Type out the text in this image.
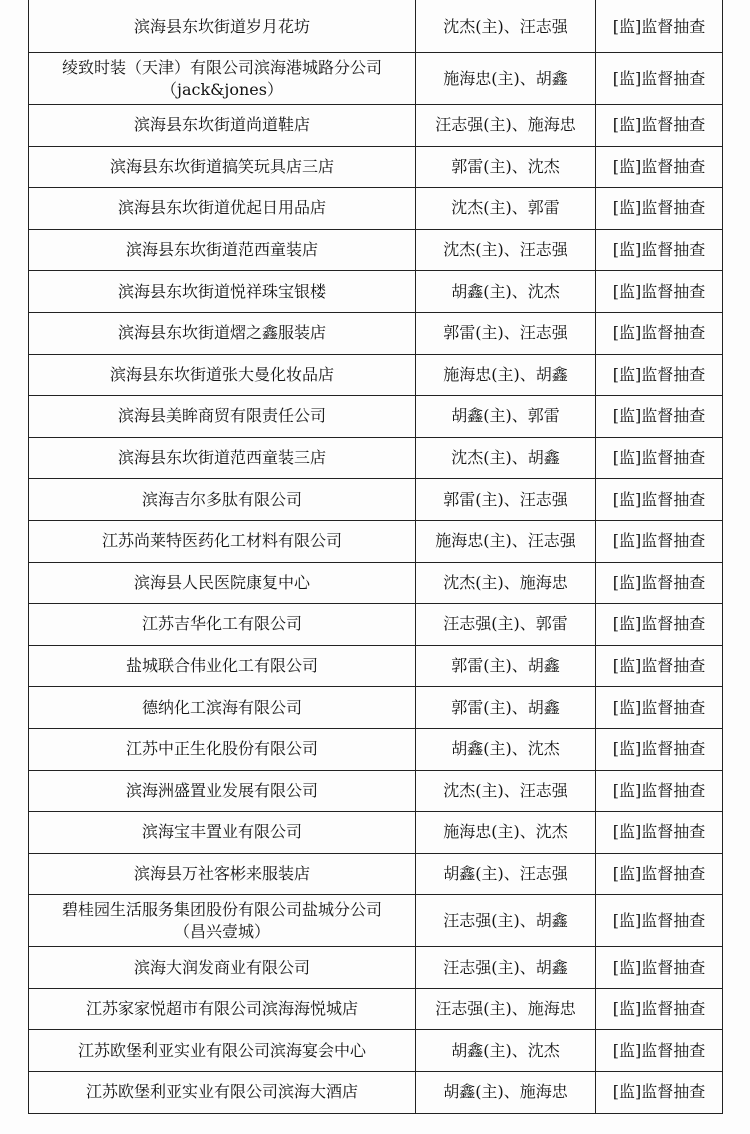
滨海县东坎街道岁月花坊	沈杰(主)、汪志强	[监]监督抽查

绫致时装（天津）有限公司滨海港城路分公司
（jack&jones）	施海忠(主)、胡鑫	[监]监督抽查

滨海县东坎街道尚道鞋店	汪志强(主)、施海忠	[监]监督抽查

滨海县东坎街道搞笑玩具店三店	郭雷(主)、沈杰	[监]监督抽查

滨海县东坎街道优起日用品店	沈杰(主)、郭雷	[监]监督抽查

滨海县东坎街道范西童装店	沈杰(主)、汪志强	[监]监督抽查

滨海县东坎街道悦祥珠宝银楼	胡鑫(主)、沈杰	[监]监督抽查

滨海县东坎街道熠之鑫服装店	郭雷(主)、汪志强	[监]监督抽查

滨海县东坎街道张大曼化妆品店	施海忠(主)、胡鑫	[监]监督抽查

滨海县美眸商贸有限责任公司	胡鑫(主)、郭雷	[监]监督抽查

滨海县东坎街道范西童装三店	沈杰(主)、胡鑫	[监]监督抽查

滨海吉尔多肽有限公司	郭雷(主)、汪志强	[监]监督抽查

江苏尚莱特医药化工材料有限公司	施海忠(主)、汪志强	[监]监督抽查

滨海县人民医院康复中心	沈杰(主)、施海忠	[监]监督抽查

江苏吉华化工有限公司	汪志强(主)、郭雷	[监]监督抽查

盐城联合伟业化工有限公司	郭雷(主)、胡鑫	[监]监督抽查

德纳化工滨海有限公司	郭雷(主)、胡鑫	[监]监督抽查

江苏中正生化股份有限公司	胡鑫(主)、沈杰	[监]监督抽查

滨海洲盛置业发展有限公司	沈杰(主)、汪志强	[监]监督抽查

滨海宝丰置业有限公司	施海忠(主)、沈杰	[监]监督抽查

滨海县万社客彬来服装店	胡鑫(主)、汪志强	[监]监督抽查

碧桂园生活服务集团股份有限公司盐城分公司
（昌兴壹城）	汪志强(主)、胡鑫	[监]监督抽查

滨海大润发商业有限公司	汪志强(主)、胡鑫	[监]监督抽查

江苏家家悦超市有限公司滨海海悦城店	汪志强(主)、施海忠	[监]监督抽查

江苏欧堡利亚实业有限公司滨海宴会中心	胡鑫(主)、沈杰	[监]监督抽查

江苏欧堡利亚实业有限公司滨海大酒店	胡鑫(主)、施海忠	[监]监督抽查
